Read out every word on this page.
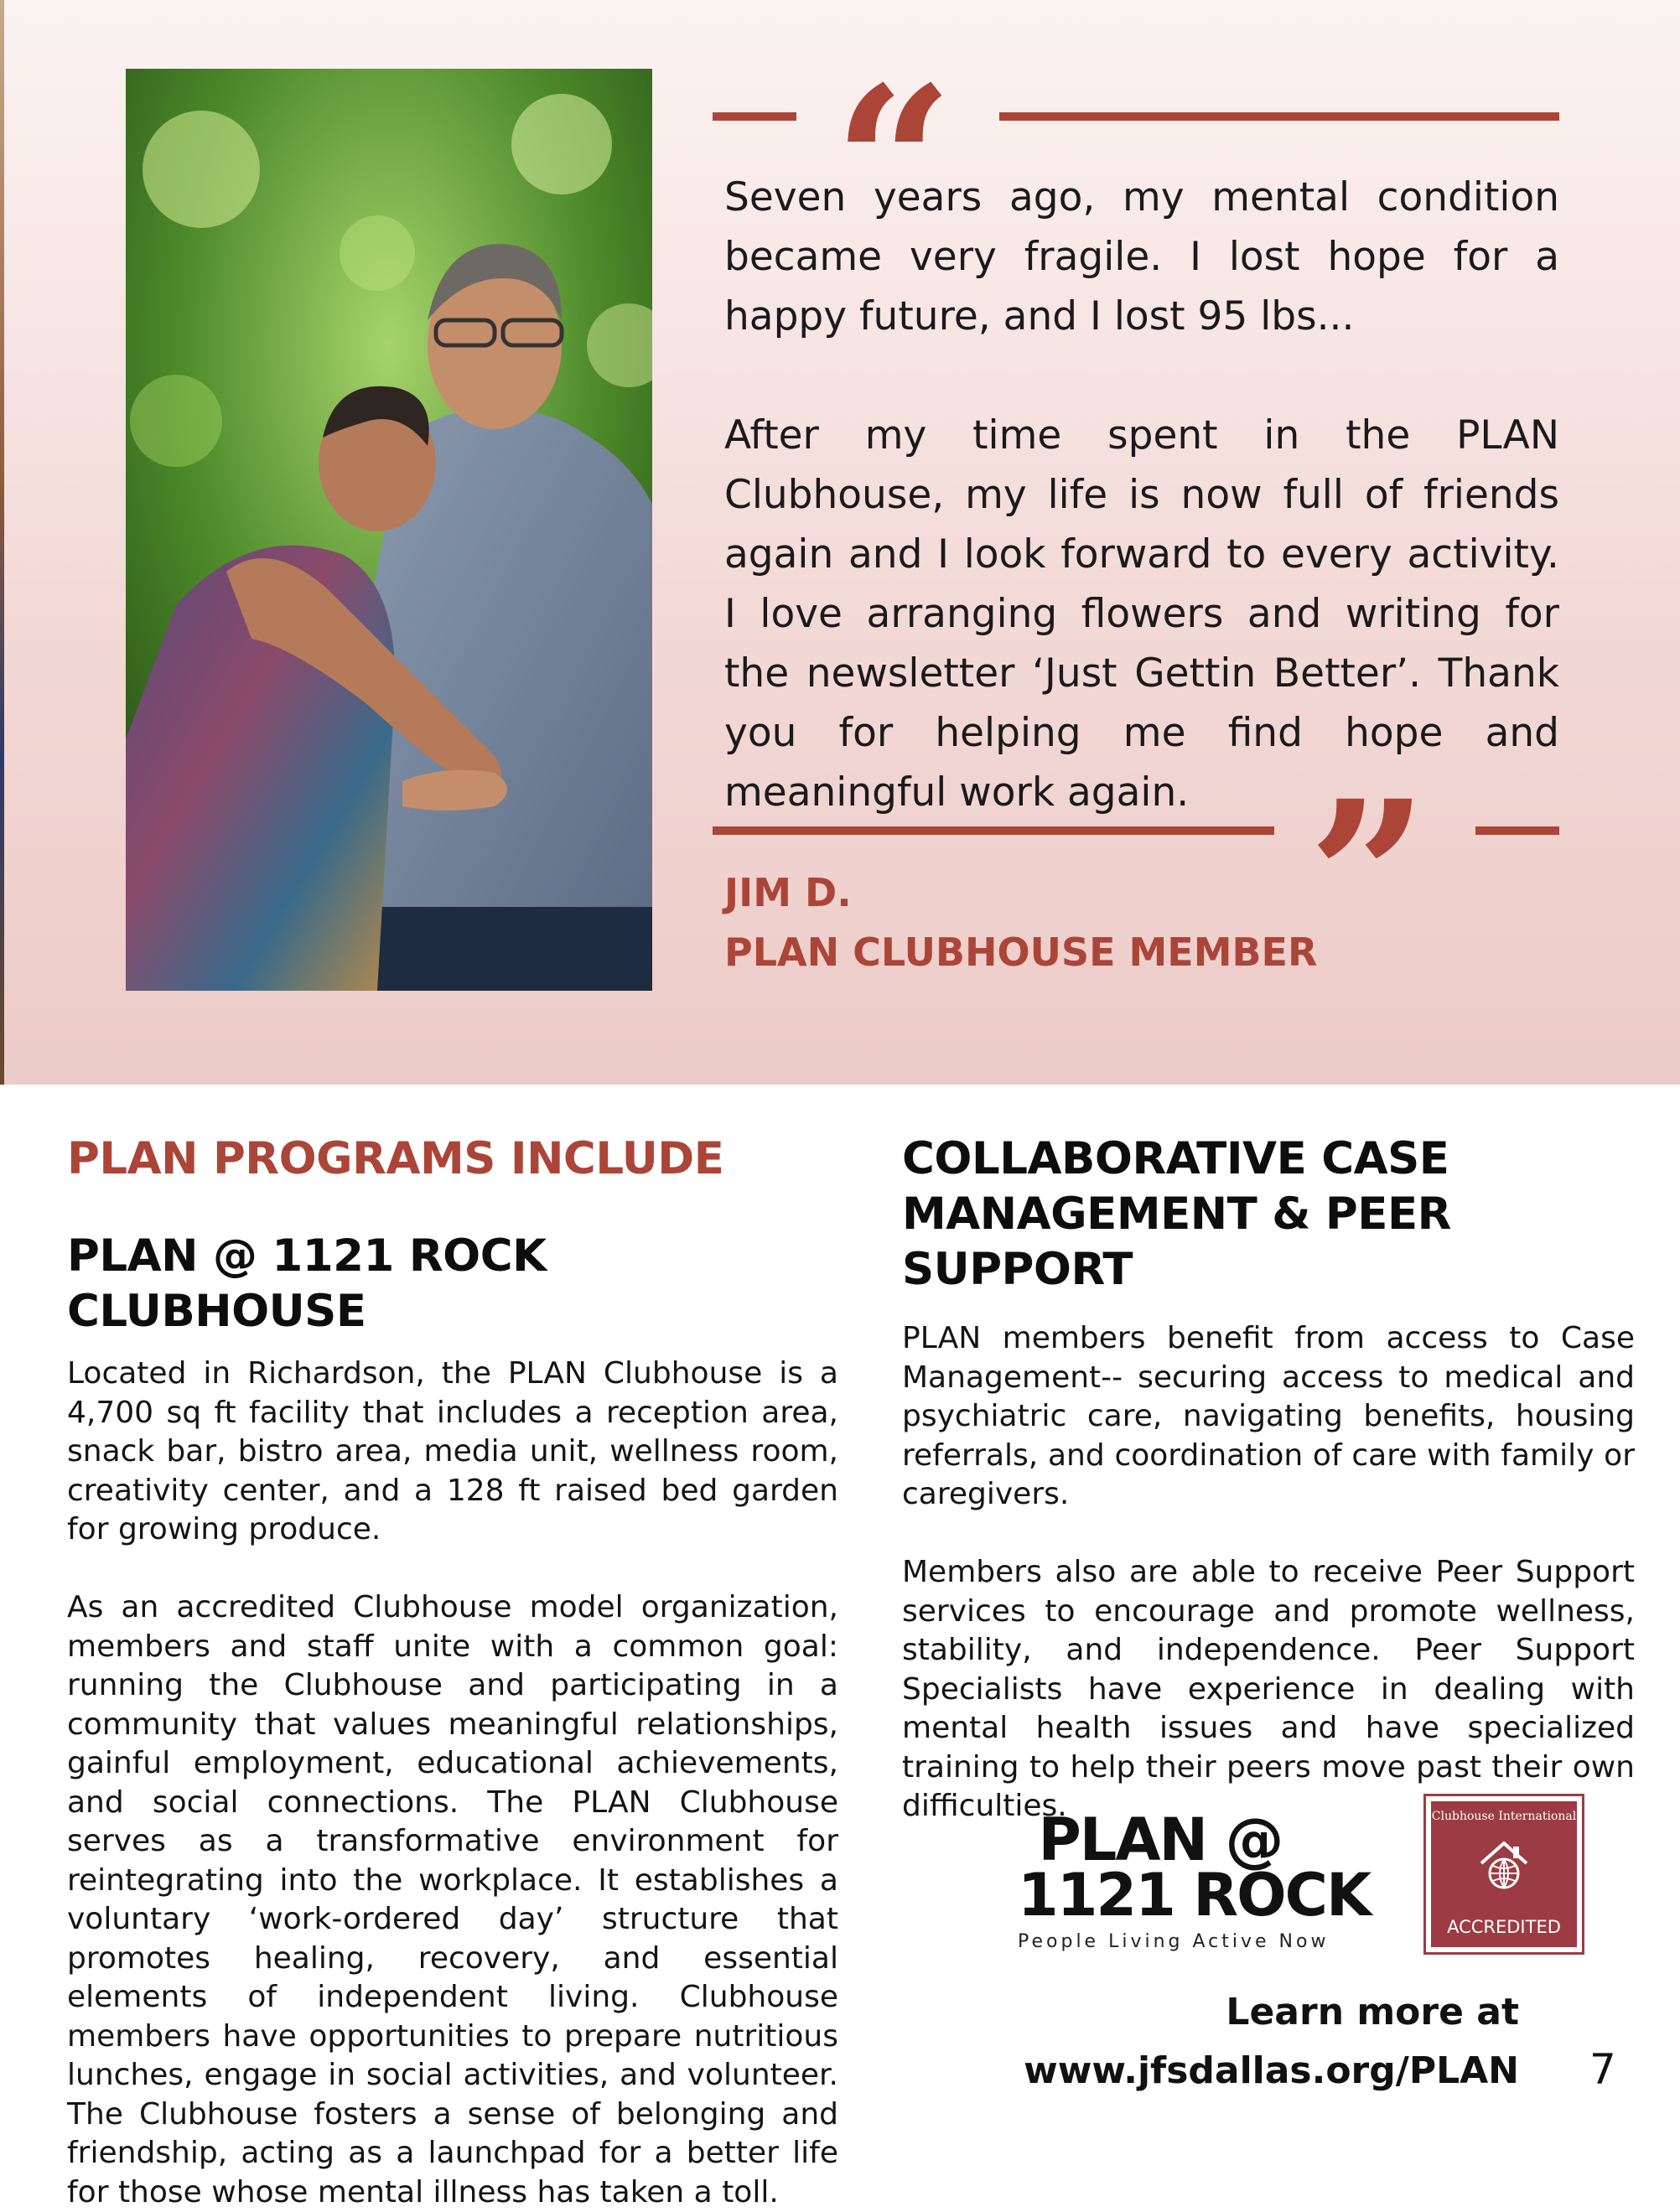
“

Seven years ago, my mental condition became very fragile. I lost hope for a happy future, and I lost 95 lbs...

After my time spent in the PLAN Clubhouse, my life is now full of friends again and I look forward to every activity. I love arranging flowers and writing for the newsletter ‘Just Gettin Better’. Thank you for helping me find hope and meaningful work again. ”
JIM D.
PLAN CLUBHOUSE MEMBER
PLAN PROGRAMS INCLUDE
PLAN @ 1121 ROCK CLUBHOUSE

Located in Richardson, the PLAN Clubhouse is a 4,700 sq ft facility that includes a reception area, snack bar, bistro area, media unit, wellness room, creativity center, and a 128 ft raised bed garden for growing produce.

As an accredited Clubhouse model organization, members and staff unite with a common goal: running the Clubhouse and participating in a community that values meaningful relationships, gainful employment, educational achievements, and social connections. The PLAN Clubhouse serves as a transformative environment for reintegrating into the workplace. It establishes a voluntary ‘work-ordered day’ structure that promotes healing, recovery, and essential elements of independent living. Clubhouse members have opportunities to prepare nutritious lunches, engage in social activities, and volunteer. The Clubhouse fosters a sense of belonging and friendship, acting as a launchpad for a better life for those whose mental illness has taken a toll.

COLLABORATIVE CASE
MANAGEMENT & PEER SUPPORT

PLAN members benefit from access to Case Management-- securing access to medical and psychiatric care, navigating benefits, housing referrals, and coordination of care with family or caregivers.

Members also are able to receive Peer Support services to encourage and promote wellness, stability, and independence. Peer Support Specialists have experience in dealing with mental health issues and have specialized training to help their peers move past their own difficulties.

PLAN @
1121 ROCK
People Living Active Now
Clubhouse International
ACCREDITED
Learn more at
www.jfsdallas.org/PLAN 7
